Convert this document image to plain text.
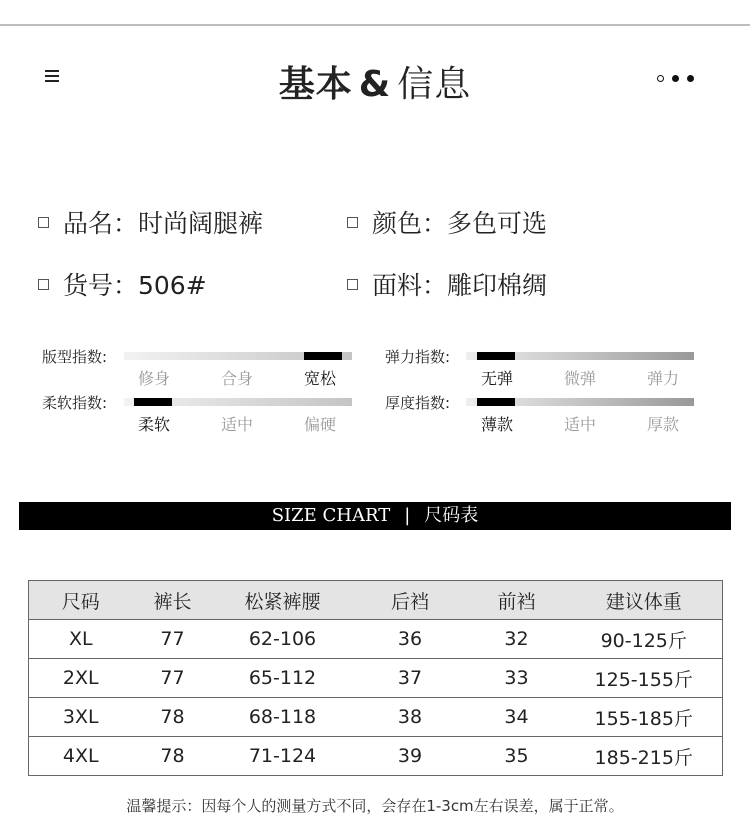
基本 & 信息
品名：时尚阔腿裤	颜色：多色可选
货号：506#	面料：雕印棉绸
版型指数:
修身	合身	宽松
弹力指数:
无弹	微弹	弹力
柔软指数:
柔软	适中	偏硬
厚度指数:
薄款	适中	厚款
SIZE CHART | 尺码表
尺码	裤长	松紧裤腰	后裆	前裆	建议体重
XL	77	62-106	36	32	90-125斤
2XL	77	65-112	37	33	125-155斤
3XL	78	68-118	38	34	155-185斤
4XL	78	71-124	39	35	185-215斤
温馨提示：因每个人的测量方式不同，会存在1-3cm左右误差，属于正常。
